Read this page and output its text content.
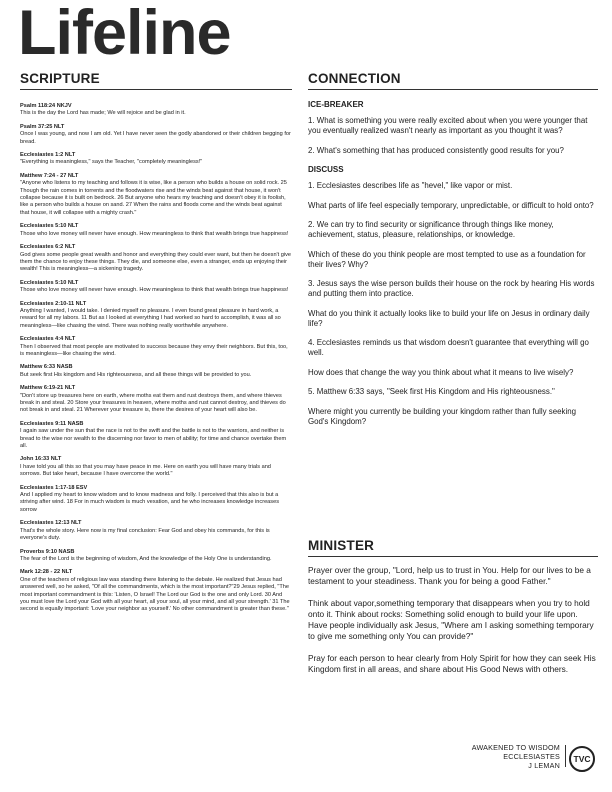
Lifeline
SCRIPTURE
Psalm 118:24 NKJV
This is the day the Lord has made; We will rejoice and be glad in it.
Psalm 37:25 NLT
Once I was young, and now I am old. Yet I have never seen the godly abandoned or their children begging for bread.
Ecclesiastes 1:2 NLT
"Everything is meaningless," says the Teacher, "completely meaningless!"
Matthew 7:24 - 27 NLT
"Anyone who listens to my teaching and follows it is wise, like a person who builds a house on solid rock. 25 Though the rain comes in torrents and the floodwaters rise and the winds beat against that house, it won't collapse because it is built on bedrock. 26 But anyone who hears my teaching and doesn't obey it is foolish, like a person who builds a house on sand. 27 When the rains and floods come and the winds beat against that house, it will collapse with a mighty crash."
Ecclesiastes 5:10 NLT
Those who love money will never have enough. How meaningless to think that wealth brings true happiness!
Ecclesiastes 6:2 NLT
God gives some people great wealth and honor and everything they could ever want, but then he doesn't give them the chance to enjoy these things. They die, and someone else, even a stranger, ends up enjoying their wealth! This is meaningless—a sickening tragedy.
Ecclesiastes 5:10 NLT
Those who love money will never have enough. How meaningless to think that wealth brings true happiness!
Ecclesiastes 2:10-11 NLT
Anything I wanted, I would take. I denied myself no pleasure. I even found great pleasure in hard work, a reward for all my labors. 11 But as I looked at everything I had worked so hard to accomplish, it was all so meaningless—like chasing the wind. There was nothing really worthwhile anywhere.
Ecclesiastes 4:4 NLT
Then I observed that most people are motivated to success because they envy their neighbors. But this, too, is meaningless—like chasing the wind.
Matthew 6:33 NASB
But seek first His kingdom and His righteousness, and all these things will be provided to you.
Matthew 6:19-21 NLT
"Don't store up treasures here on earth, where moths eat them and rust destroys them, and where thieves break in and steal. 20 Store your treasures in heaven, where moths and rust cannot destroy, and thieves do not break in and steal. 21 Wherever your treasure is, there the desires of your heart will also be.
Ecclesiastes 9:11 NASB
I again saw under the sun that the race is not to the swift and the battle is not to the warriors, and neither is bread to the wise nor wealth to the discerning nor favor to men of ability; for time and chance overtake them all.
John 16:33 NLT
I have told you all this so that you may have peace in me. Here on earth you will have many trials and sorrows. But take heart, because I have overcome the world."
Ecclesiastes 1:17-18 ESV
And I applied my heart to know wisdom and to know madness and folly. I perceived that this also is but a striving after wind. 18 For in much wisdom is much vexation, and he who increases knowledge increases sorrow
Ecclesiastes 12:13 NLT
That's the whole story. Here now is my final conclusion: Fear God and obey his commands, for this is everyone's duty.
Proverbs 9:10 NASB
The fear of the Lord is the beginning of wisdom, And the knowledge of the Holy One is understanding.
Mark 12:28 - 22 NLT
One of the teachers of religious law was standing there listening to the debate. He realized that Jesus had answered well, so he asked, "Of all the commandments, which is the most important?"29 Jesus replied, "The most important commandment is this: 'Listen, O Israel! The Lord our God is the one and only Lord. 30 And you must love the Lord your God with all your heart, all your soul, all your mind, and all your strength.' 31 The second is equally important: 'Love your neighbor as yourself.' No other commandment is greater than these."
CONNECTION
ICE-BREAKER

1. What is something you were really excited about when you were younger that you eventually realized wasn't nearly as important as you thought it was?

2. What's something that has produced consistently good results for you?

DISCUSS

1. Ecclesiastes describes life as "hevel," like vapor or mist.

What parts of life feel especially temporary, unpredictable, or difficult to hold onto?

2. We can try to find security or significance through things like money, achievement, status, pleasure, relationships, or knowledge.

Which of these do you think people are most tempted to use as a foundation for their lives? Why?

3. Jesus says the wise person builds their house on the rock by hearing His words and putting them into practice.

What do you think it actually looks like to build your life on Jesus in ordinary daily life?

4. Ecclesiastes reminds us that wisdom doesn't guarantee that everything will go well.

How does that change the way you think about what it means to live wisely?

5. Matthew 6:33 says, "Seek first His Kingdom and His righteousness."

Where might you currently be building your kingdom rather than fully seeking God's Kingdom?

MINISTER

Prayer over the group, "Lord, help us to trust in You. Help for our lives to be a testament to your steadiness. Thank you for being a good Father."

Think about vapor,something temporary that disappears when you try to hold onto it. Think about rocks: Something solid enough to build your life upon. Have people individually ask Jesus, "Where am I asking something temporary to give me something only You can provide?"

Pray for each person to hear clearly from Holy Spirit for how they can seek His Kingdom first in all areas, and share about His Good News with others.

AWAKENED TO WISDOM
ECCLESIASTES
J LEMAN
TVC
